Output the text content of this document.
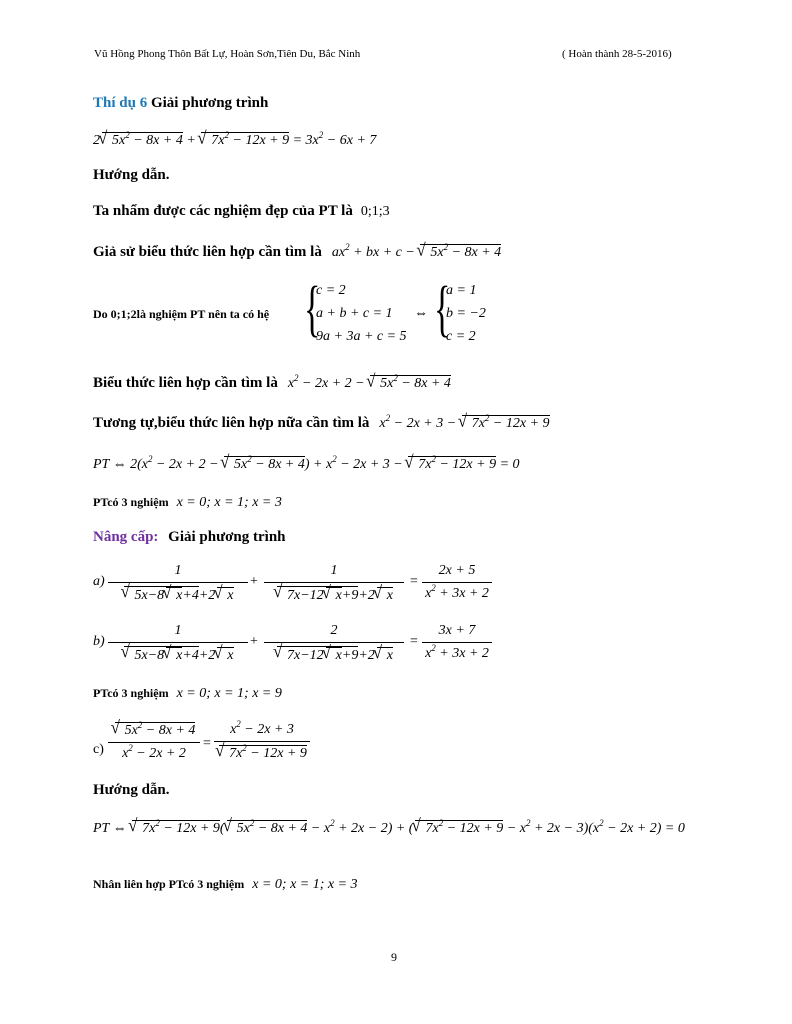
Vũ Hồng Phong Thôn Bất Lự, Hoàn Sơn,Tiên Du, Bắc Ninh	( Hoàn thành 28-5-2016)
Thí dụ 6 Giải phương trình
2√ $5x^2 - 8x + 4$ + √ $7x^2 - 12x + 9 = 3x^2 - 6x + 7$
Hướng dẫn.
Ta nhẩm được các nghiệm đẹp của PT là 0;1;3
Giả sử biểu thức liên hợp cần tìm là $ax^2$ + bx + c − √ $5x^2 - 8x + 4$
Do 0;1;2là nghiệm PT nên ta có hệ {
c = 2
a + b + c = 1
9a + 3a + c = 5
⇔ {
a = 1
b = −2
c = 2
Biểu thức liên hợp cần tìm là $x^2 - 2x + 2$ − √ $5x^2 - 8x + 4$
Tương tự,biểu thức liên hợp nữa cần tìm là $x^2 - 2x + 3$ − √ $7x^2 - 12x + 9$
PT ⇔ $2(x^2 - 2x + 2$ − √ $5x^2 - 8x + 4) + x^2 - 2x + 3$ − √ $7x^2 - 12x + 9 = 0$
PTcó 3 nghiệm x = 0; x = 1; x = 3
Nâng cấp: Giải phương trình
a) 1
√ 5x−8√ x+4+2√ x + 1
√ 7x−12√ x+9+2√ $x = \frac{2x + 5}{x^2 + 3x + 2}$
b) 1
√ 5x−8√ x+4+2√ x + 2
√ 7x−12√ x+9+2√ $x = \frac{3x + 7}{x^2 + 3x + 2}$
PTcó 3 nghiệm x = 0; x = 1; x = 9
c)
√ $\frac{5x^2 - 8x + 4}{x^2 - 2x + 2} = x^2 - 2x + 3$
√ $7x^2 - 12x + 9$
Hướng dẫn.
PT ⇔ √ $7x^2 - 12x + 9(√$ $5x^2 - 8x + 4 - x^2 + 2x - 2$) + (√ $7x^2 - 12x + 9 - x^2 + 2x - 3)(x^2 - 2x + 2) = 0$
Nhân liên hợp PTcó 3 nghiệm x = 0; x = 1; x = 3
9
